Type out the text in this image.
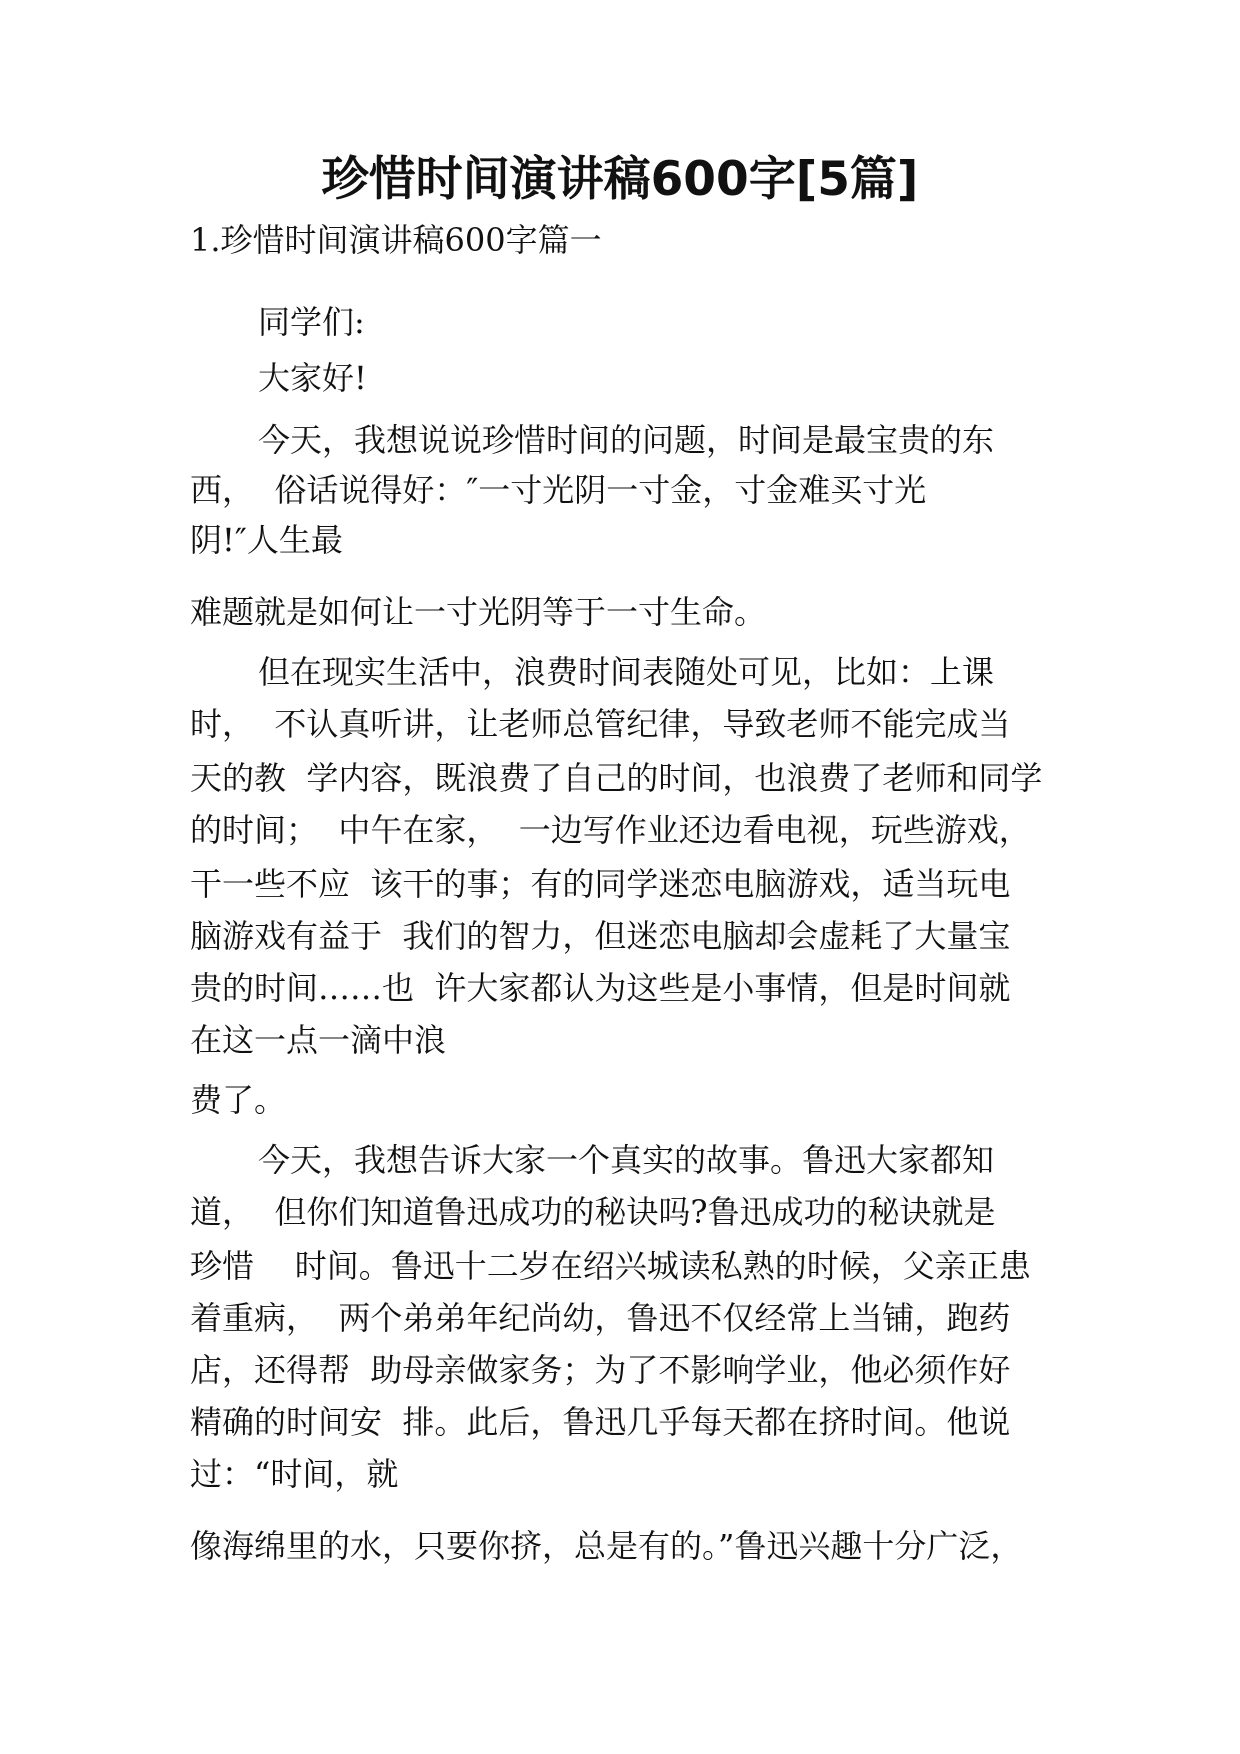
珍惜时间演讲稿600字[5篇]
1.珍惜时间演讲稿600字篇一
同学们:
大家好!
今天，我想说说珍惜时间的问题，时间是最宝贵的东
西，  俗话说得好：″一寸光阴一寸金，寸金难买寸光
阴!″人生最
难题就是如何让一寸光阴等于一寸生命。
但在现实生活中，浪费时间表随处可见，比如：上课
时，  不认真听讲，让老师总管纪律，导致老师不能完成当
天的教  学内容，既浪费了自己的时间，也浪费了老师和同学
的时间；  中午在家，  一边写作业还边看电视，玩些游戏，
干一些不应  该干的事；有的同学迷恋电脑游戏，适当玩电
脑游戏有益于  我们的智力，但迷恋电脑却会虚耗了大量宝
贵的时间……也  许大家都认为这些是小事情，但是时间就
在这一点一滴中浪
费了。
今天，我想告诉大家一个真实的故事。鲁迅大家都知
道，  但你们知道鲁迅成功的秘诀吗?鲁迅成功的秘诀就是
珍惜    时间。鲁迅十二岁在绍兴城读私熟的时候，父亲正患
着重病，  两个弟弟年纪尚幼，鲁迅不仅经常上当铺，跑药
店，还得帮  助母亲做家务；为了不影响学业，他必须作好
精确的时间安  排。此后，鲁迅几乎每天都在挤时间。他说
过：“时间，就
像海绵里的水，只要你挤，总是有的。”鲁迅兴趣十分广泛，
